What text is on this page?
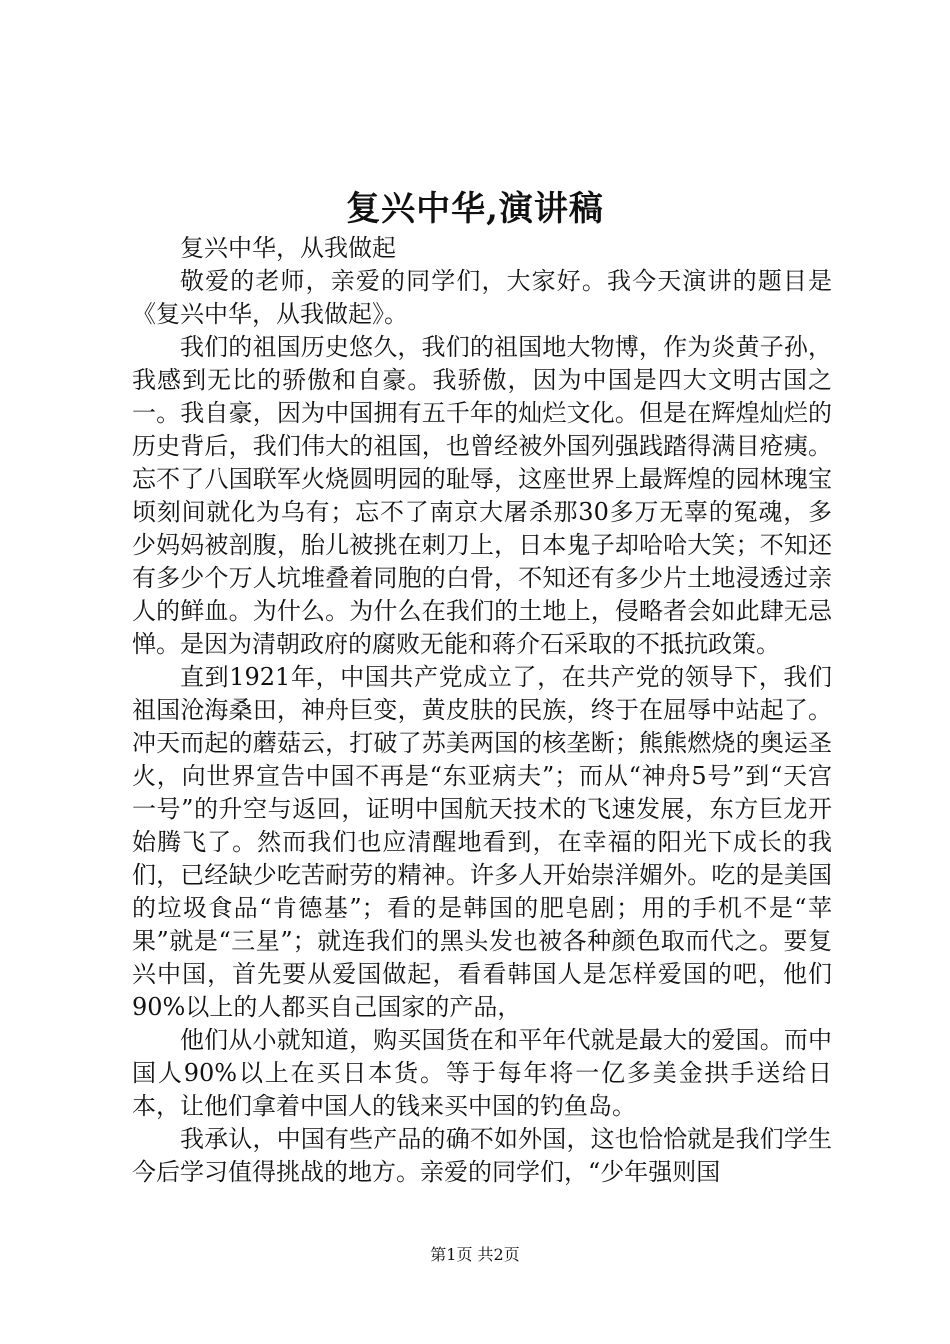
复兴中华,演讲稿

复兴中华，从我做起

敬爱的老师，亲爱的同学们，大家好。我今天演讲的题目是《复兴中华，从我做起》。

我们的祖国历史悠久，我们的祖国地大物博，作为炎黄子孙，我感到无比的骄傲和自豪。我骄傲，因为中国是四大文明古国之一。我自豪，因为中国拥有五千年的灿烂文化。但是在辉煌灿烂的历史背后，我们伟大的祖国，也曾经被外国列强践踏得满目疮痍。忘不了八国联军火烧圆明园的耻辱，这座世界上最辉煌的园林瑰宝顷刻间就化为乌有；忘不了南京大屠杀那30多万无辜的冤魂，多少妈妈被剖腹，胎儿被挑在刺刀上，日本鬼子却哈哈大笑；不知还有多少个万人坑堆叠着同胞的白骨，不知还有多少片土地浸透过亲人的鲜血。为什么。为什么在我们的土地上，侵略者会如此肆无忌惮。是因为清朝政府的腐败无能和蒋介石采取的不抵抗政策。

直到1921年，中国共产党成立了，在共产党的领导下，我们祖国沧海桑田，神舟巨变，黄皮肤的民族，终于在屈辱中站起了。冲天而起的蘑菇云，打破了苏美两国的核垄断；熊熊燃烧的奥运圣火，向世界宣告中国不再是“东亚病夫”；而从“神舟5号”到“天宫一号”的升空与返回，证明中国航天技术的飞速发展，东方巨龙开始腾飞了。然而我们也应清醒地看到，在幸福的阳光下成长的我们，已经缺少吃苦耐劳的精神。许多人开始崇洋媚外。吃的是美国的垃圾食品“肯德基”；看的是韩国的肥皂剧；用的手机不是“苹果”就是“三星”；就连我们的黑头发也被各种颜色取而代之。要复兴中国，首先要从爱国做起，看看韩国人是怎样爱国的吧，他们90%以上的人都买自己国家的产品，

他们从小就知道，购买国货在和平年代就是最大的爱国。而中国人90%以上在买日本货。等于每年将一亿多美金拱手送给日本，让他们拿着中国人的钱来买中国的钓鱼岛。

我承认，中国有些产品的确不如外国，这也恰恰就是我们学生今后学习值得挑战的地方。亲爱的同学们，“少年强则国

第1页 共2页
